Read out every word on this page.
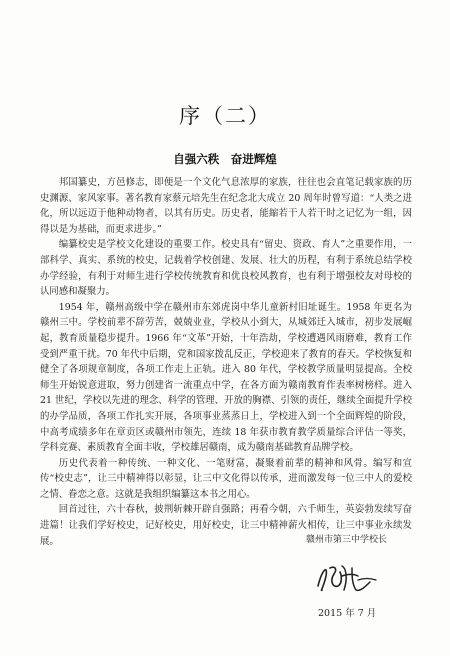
序（二）
自强六秩　奋进辉煌

邦国纂史，方邑修志，即便是一个文化气息浓厚的家族，往往也会直笔记载家族的历史渊源、家风家事。著名教育家蔡元培先生在纪念北大成立 20 周年时曾写道：“人类之进化，所以远迈于他种动物者，以其有历史。历史者，能縮若干人若干时之记忆为一组，因得以是为基础，而更求进步。”

编纂校史是学校文化建设的重要工作。校史具有“留史、资政、育人”之重要作用，一部科学、真实、系统的校史，记载着学校创建、发展、壮大的历程，有利于系统总结学校办学经验，有利于对师生进行学校传统教育和优良校风教育，也有利于增强校友对母校的认同感和凝聚力。

1954 年，赣州高级中学在赣州市东郊虎岗中华儿童新村旧址诞生。1958 年更名为赣州三中。学校前辈不辞劳苦，兢兢业业，学校从小到大，从城郊迁入城市，初步发展崛起，教育质量稳步提升。1966 年“文革”开始，十年浩劫，学校遭遇风雨磨难，教育工作受到严重干扰。70 年代中后期，党和国家拨乱反正，学校迎来了教育的春天。学校恢复和健全了各项规章制度，各项工作走上正轨。进入 80 年代，学校教学质量明显提高。全校师生开始锐意进取，努力创建省一流重点中学，在各方面为赣南教育作表率树榜样。进入 21 世纪，学校以先进的理念、科学的管理、开放的胸襟、引领的责任，继续全面提升学校的办学品质，各项工作扎实开展，各项事业蒸蒸日上，学校进入到一个全面辉煌的阶段，中高考成绩多年在章贡区或赣州市领先，连续 18 年获市教育教学质量综合评估一等奖，学科竞赛、素质教育全面丰收，学校雄居赣南，成为赣南基础教育品牌学校。

历史代表着一种传统、一种文化、一笔财富，凝聚着前辈的精神和风骨。编写和宣传“校史志”，让三中精神得以彰显，让三中文化得以传承，进而激发每一位三中人的爱校之情、眷恋之意。这就是我组织编纂这本书之用心。

回首过往，六十春秋，披荆斩棘开辟自强路；再看今朝，六千师生，英姿勃发续写奋进篇！让我们学好校史，记好校史，用好校史，让三中精神薪火相传，让三中事业永续发展。	赣州市第三中学校长
2015 年 7 月
